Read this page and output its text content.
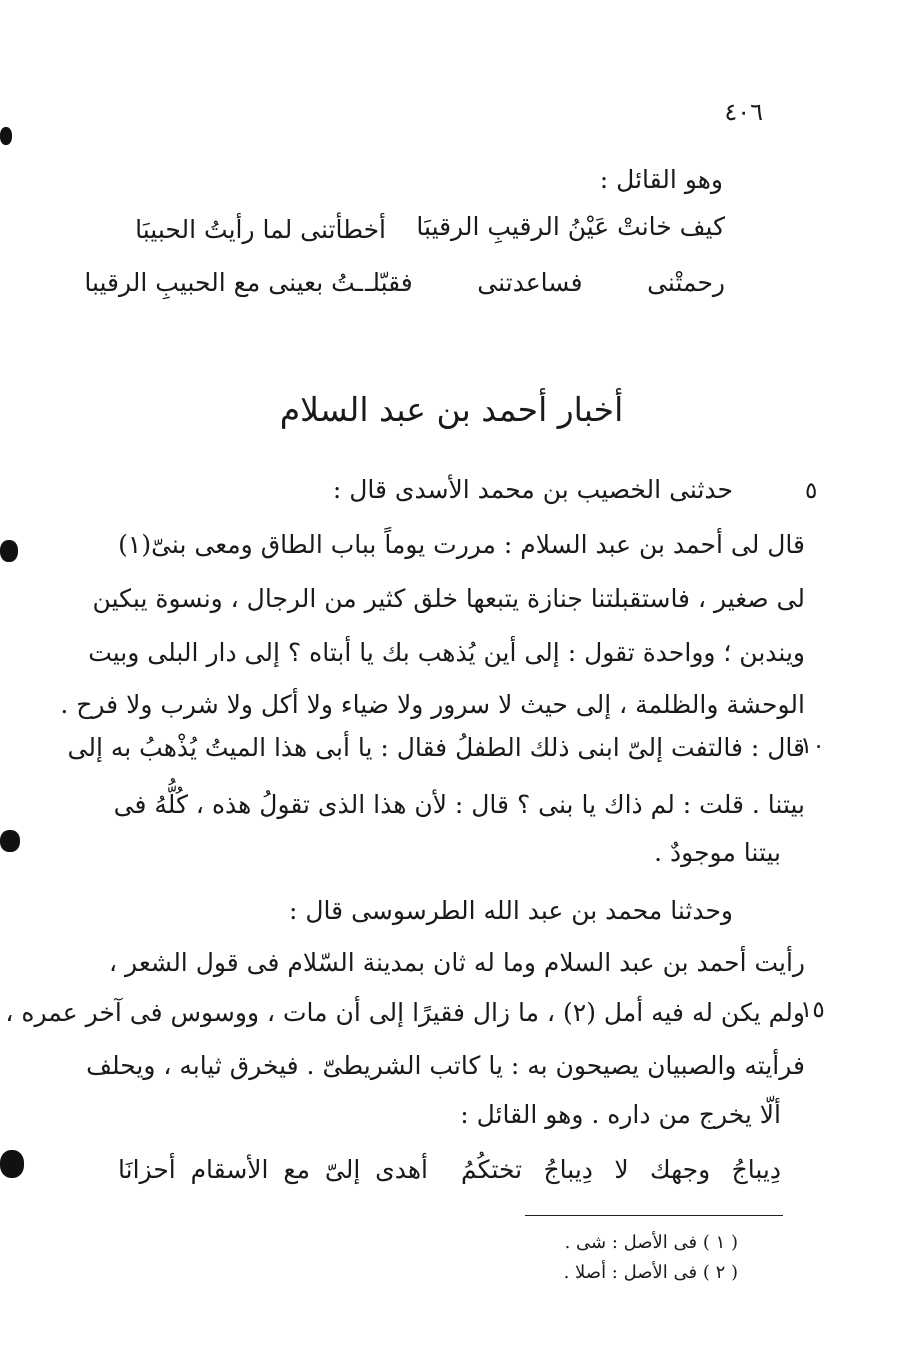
٤٠٦
وهو القائل :
كيف خانتْ عَيْنُ الرقيبِ الرقيبَا
أخطأتنى لما رأيتُ الحبيبَا
رحمتْنى فساعدتنى فقبّلـ
ـتُ بعينى مع الحبيبِ الرقيبا
أخبار أحمد بن عبد السلام
٥
١٠
١٥
حدثنى الخصيب بن محمد الأسدى قال :
قال لى أحمد بن عبد السلام : مررت يوماً بباب الطاق ومعى بنىّ(١)
لى صغير ، فاستقبلتنا جنازة يتبعها خلق كثير من الرجال ، ونسوة يبكين
ويندبن ؛ وواحدة تقول : إلى أين يُذهب بك يا أبتاه ؟ إلى دار البلى وبيت
الوحشة والظلمة ، إلى حيث لا سرور ولا ضياء ولا أكل ولا شرب ولا فرح .
قال : فالتفت إلىّ ابنى ذلك الطفلُ فقال : يا أبى هذا الميتُ يُذْهبُ به إلى
بيتنا . قلت : لم ذاك يا بنى ؟ قال : لأن هذا الذى تقولُ هذه ، كُلُّهُ فى
بيتنا موجودٌ .
وحدثنا محمد بن عبد الله الطرسوسى قال :
رأيت أحمد بن عبد السلام وما له ثان بمدينة السّلام فى قول الشعر ،
ولم يكن له فيه أمل (٢) ، ما زال فقيرًا إلى أن مات ، ووسوس فى آخر عمره ،
فرأيته والصبيان يصيحون به : يا كاتب الشريطىّ . فيخرق ثيابه ، ويحلف
ألّا يخرج من داره . وهو القائل :
دِيباجُ وجهك لا دِيباجُ تختكُمُ
أهدى إلىّ مع الأسقام أحزانَا
( ١ ) فى الأصل : شى .
( ٢ ) فى الأصل : أصلا .
